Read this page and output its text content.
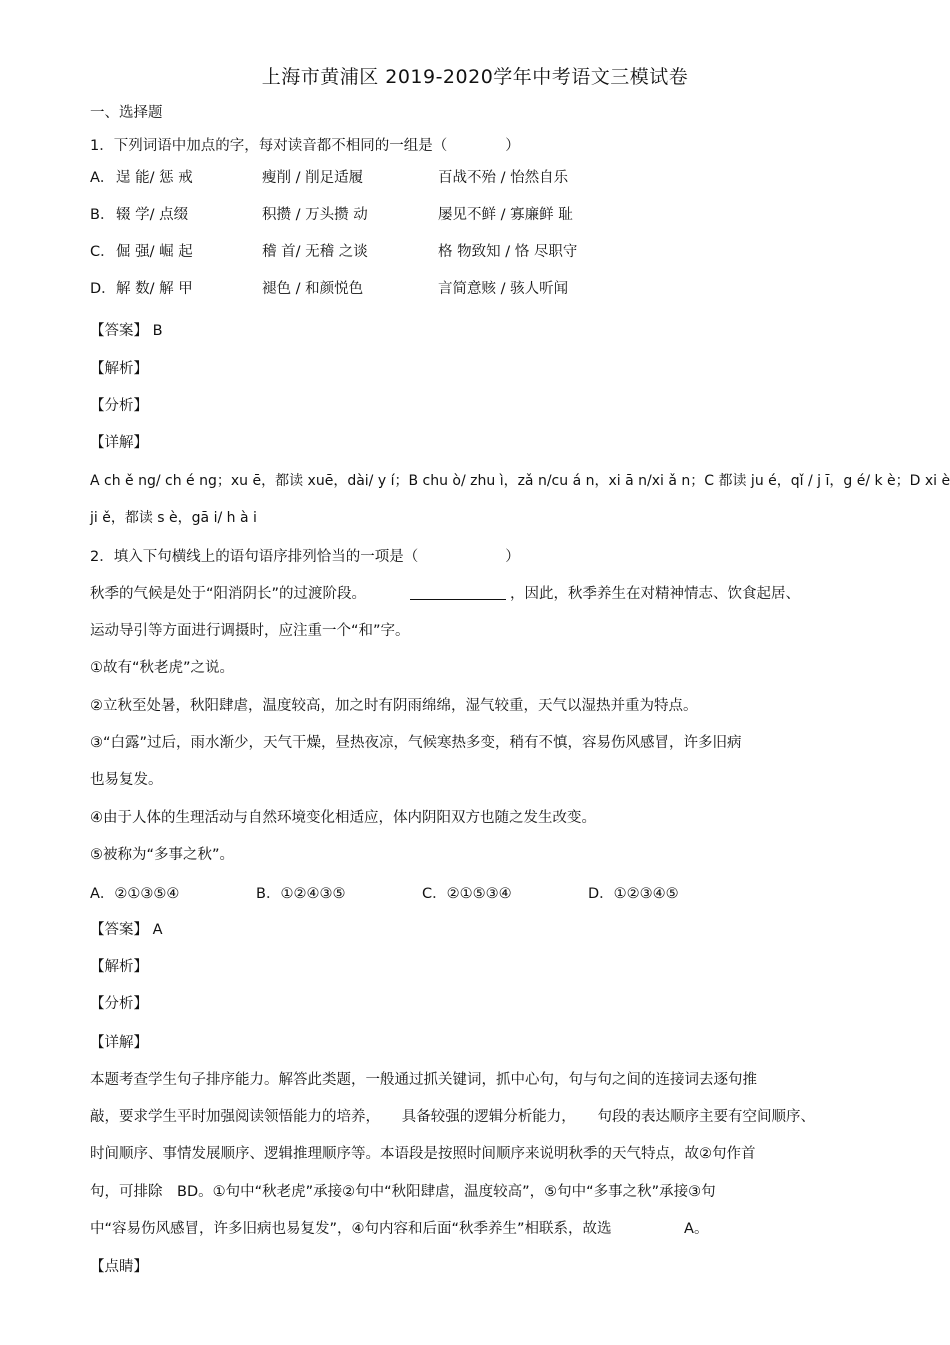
上海市黄浦区 2019-2020学年中考语文三模试卷
一、选择题
1．下列词语中加点的字，每对读音都不相同的一组是（　　　　）
A． 逞 能/ 惩 戒	瘦削 / 削足适履	百战不殆 / 怡然自乐
B． 辍 学/ 点缀	积攒 / 万头攒 动	屡见不鲜 / 寡廉鲜 耻
C．倔 强/ 崛 起	稽 首/ 无稽 之谈	格 物致知 / 恪 尽职守
D．解 数/ 解 甲	褪色 / 和颜悦色	言简意赅 / 骇人听闻
【答案】 B
【解析】
【分析】
【详解】
A ch ě ng/ ch é ng；xu ē，都读 xuē，dài/ y í；B chu ò/ zhu ì，zǎ n/cu á n，xi ā n/xi ǎ n；C 都读 ju é，qǐ / j ī，g é/ k è；D xi è
ji ě，都读 s è，gā i/ h à i
2．填入下句横线上的语句语序排列恰当的一项是（　　　　　　）
秋季的气候是处于“阳消阴长”的过渡阶段。	，因此，秋季养生在对精神情志、饮食起居、
运动导引等方面进行调摄时，应注重一个“和”字。
①故有“秋老虎”之说。
②立秋至处暑，秋阳肆虐，温度较高，加之时有阴雨绵绵，湿气较重，天气以湿热并重为特点。
③“白露”过后，雨水渐少，天气干燥，昼热夜凉，气候寒热多变，稍有不慎，容易伤风感冒，许多旧病
也易复发。
④由于人体的生理活动与自然环境变化相适应，体内阴阳双方也随之发生改变。
⑤被称为“多事之秋”。
A．②①③⑤④	B．①②④③⑤	C．②①⑤③④	D．①②③④⑤
【答案】 A
【解析】
【分析】
【详解】
本题考查学生句子排序能力。解答此类题，一般通过抓关键词，抓中心句，句与句之间的连接词去逐句推
敲，要求学生平时加强阅读领悟能力的培养，　　具备较强的逻辑分析能力，　　句段的表达顺序主要有空间顺序、
时间顺序、事情发展顺序、逻辑推理顺序等。本语段是按照时间顺序来说明秋季的天气特点，故②句作首
句，可排除　BD。①句中“秋老虎”承接②句中“秋阳肆虐，温度较高”，⑤句中“多事之秋”承接③句
中“容易伤风感冒，许多旧病也易复发”，④句内容和后面“秋季养生”相联系，故选　　　　　A。
【点睛】
